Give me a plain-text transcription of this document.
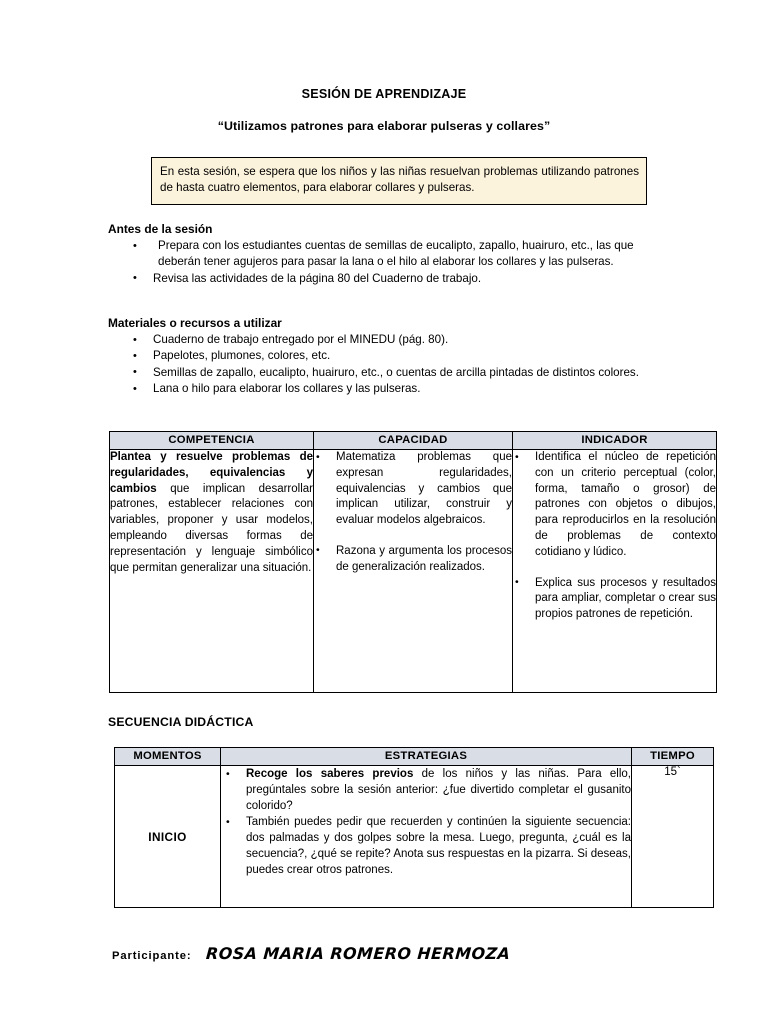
SESIÓN DE APRENDIZAJE
“Utilizamos patrones para elaborar pulseras y collares”

En esta sesión, se espera que los niños y las niñas resuelvan problemas utilizando patrones de hasta cuatro elementos, para elaborar collares y pulseras.

Antes de la sesión
• Prepara con los estudiantes cuentas de semillas de eucalipto, zapallo, huairuro, etc., las que deberán tener agujeros para pasar la lana o el hilo al elaborar los collares y las pulseras.
• Revisa las actividades de la página 80 del Cuaderno de trabajo.
Materiales o recursos a utilizar
• Cuaderno de trabajo entregado por el MINEDU (pág. 80).
• Papelotes, plumones, colores, etc.
• Semillas de zapallo, eucalipto, huairuro, etc., o cuentas de arcilla pintadas de distintos colores.
• Lana o hilo para elaborar los collares y las pulseras.
COMPETENCIA	CAPACIDAD	INDICADOR

Plantea y resuelve problemas de regularidades, equivalencias y cambios que implican desarrollar patrones, establecer relaciones con variables, proponer y usar modelos, empleando diversas formas de representación y lenguaje simbólico que permitan generalizar una situación.

• Matematiza problemas que expresan regularidades, equivalencias y cambios que implican utilizar, construir y evaluar modelos algebraicos.
• Razona y argumenta los procesos de generalización realizados.

• Identifica el núcleo de repetición con un criterio perceptual (color, forma, tamaño o grosor) de patrones con objetos o dibujos, para reproducirlos en la resolución de problemas de contexto cotidiano y lúdico.
• Explica sus procesos y resultados para ampliar, completar o crear sus propios patrones de repetición.
SECUENCIA DIDÁCTICA
MOMENTOS	ESTRATEGIAS	TIEMPO
INICIO	
• Recoge los saberes previos de los niños y las niñas. Para ello, pregúntales sobre la sesión anterior: ¿fue divertido completar el gusanito colorido?
• También puedes pedir que recuerden y continúen la siguiente secuencia: dos palmadas y dos golpes sobre la mesa. Luego, pregunta, ¿cuál es la secuencia?, ¿qué se repite? Anota sus respuestas en la pizarra. Si deseas, puedes crear otros patrones.
	15`
Participante: ROSA MARIA ROMERO HERMOZA
